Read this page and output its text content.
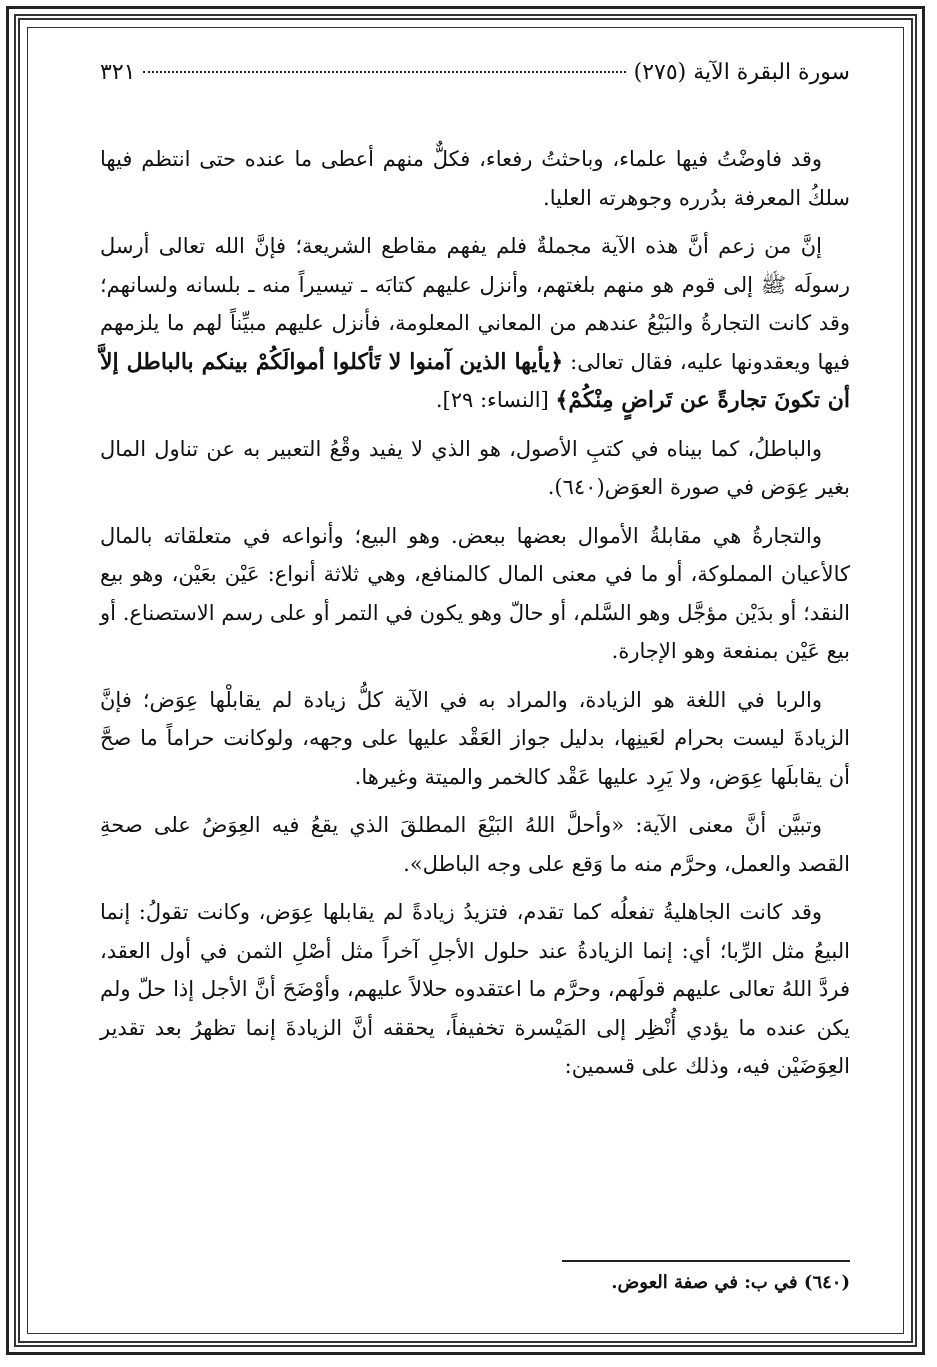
سورة البقرة الآية (٢٧٥)
٣٢١

وقد فاوضْتُ فيها علماء، وباحثتُ رفعاء، فكلٌّ منهم أعطى ما عنده حتى انتظم فيها سلكُ المعرفة بدُرره وجوهرته العليا.

إنَّ من زعم أنَّ هذه الآية مجملةٌ فلم يفهم مقاطع الشريعة؛ فإنَّ الله تعالى أرسل رسولَه ﷺ إلى قوم هو منهم بلغتهم، وأنزل عليهم كتابَه ـ تيسيراً منه ـ بلسانه ولسانهم؛ وقد كانت التجارةُ والبَيْعُ عندهم من المعاني المعلومة، فأنزل عليهم مبيِّناً لهم ما يلزمهم فيها ويعقدونها عليه، فقال تعالى: ﴿يأيها الذين آمنوا لا تَأكلوا أموالَكُمْ بينكم بالباطل إلاَّ أن تكونَ تجارةً عن تَراضٍ مِنْكُمْ﴾ [النساء: ٢٩].

والباطلُ، كما بيناه في كتبِ الأصول، هو الذي لا يفيد وقْعُ التعبير به عن تناول المال بغير عِوَض في صورة العوَض(٦٤٠).

والتجارةُ هي مقابلةُ الأموال بعضها ببعض. وهو البيع؛ وأنواعه في متعلقاته بالمال كالأعيان المملوكة، أو ما في معنى المال كالمنافع، وهي ثلاثة أنواع: عَيْن بعَيْن، وهو بيع النقد؛ أو بدَيْن مؤجَّل وهو السَّلم، أو حالّ وهو يكون في التمر أو على رسم الاستصناع. أو بيع عَيْن بمنفعة وهو الإجارة.

والربا في اللغة هو الزيادة، والمراد به في الآية كلُّ زيادة لم يقابلْها عِوَض؛ فإنَّ الزيادةَ ليست بحرام لعَينِها، بدليل جواز العَقْد عليها على وجهه، ولوكانت حراماً ما صحَّ أن يقابلَها عِوَض، ولا يَرِد عليها عَقْد كالخمر والميتة وغيرها.

وتبيَّن أنَّ معنى الآية: «وأحلَّ اللهُ البَيْعَ المطلقَ الذي يقعُ فيه العِوَضُ على صحةِ القصد والعمل، وحرَّم منه ما وَقع على وجه الباطل».

وقد كانت الجاهليةُ تفعلُه كما تقدم، فتزيدُ زيادةً لم يقابلها عِوَض، وكانت تقولُ: إنما البيعُ مثل الرِّبا؛ أي: إنما الزيادةُ عند حلول الأجلِ آخراً مثل أصْلِ الثمن في أول العقد، فردَّ اللهُ تعالى عليهم قولَهم، وحرَّم ما اعتقدوه حلالاً عليهم، وأوْضَحَ أنَّ الأجل إذا حلّ ولم يكن عنده ما يؤدي أُنْظِر إلى المَيْسرة تخفيفاً، يحققه أنَّ الزيادةَ إنما تظهرُ بعد تقدير العِوَضَيْن فيه، وذلك على قسمين:

(٦٤٠) في ب: في صفة العوض.
